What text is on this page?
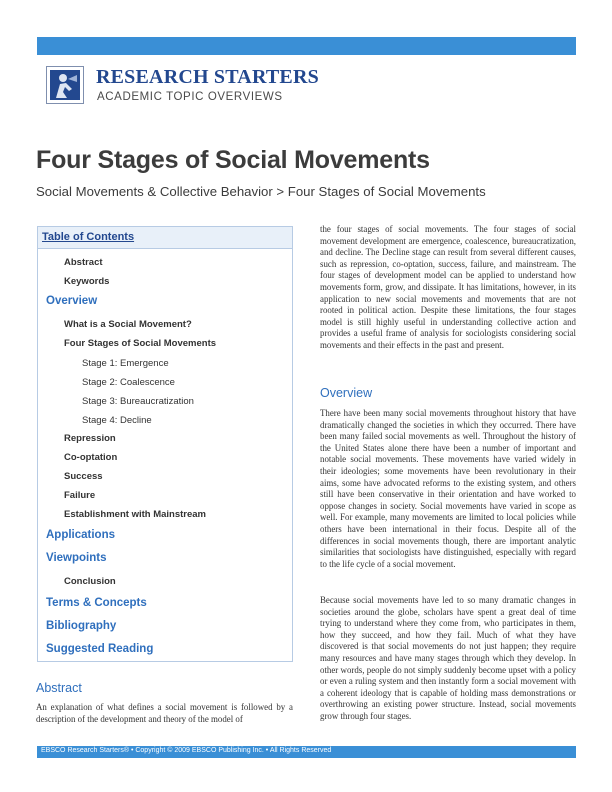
RESEARCH STARTERS
ACADEMIC TOPIC OVERVIEWS
Four Stages of Social Movements
Social Movements & Collective Behavior > Four Stages of Social Movements
Table of Contents
Abstract
Keywords
Overview
What is a Social Movement?
Four Stages of Social Movements
Stage 1: Emergence
Stage 2: Coalescence
Stage 3: Bureaucratization
Stage 4: Decline
Repression
Co-optation
Success
Failure
Establishment with Mainstream
Applications
Viewpoints
Conclusion
Terms & Concepts
Bibliography
Suggested Reading
Abstract

An explanation of what defines a social movement is followed by a description of the development and theory of the model of

the four stages of social movements. The four stages of social movement development are emergence, coalescence, bureaucratization, and decline. The Decline stage can result from several different causes, such as repression, co-optation, success, failure, and mainstream. The four stages of development model can be applied to understand how movements form, grow, and dissipate. It has limitations, however, in its application to new social movements and movements that are not rooted in political action. Despite these limitations, the four stages model is still highly useful in understanding collective action and provides a useful frame of analysis for sociologists considering social movements and their effects in the past and present.

Overview

There have been many social movements throughout history that have dramatically changed the societies in which they occurred. There have been many failed social movements as well. Throughout the history of the United States alone there have been a number of important and notable social movements. These movements have varied widely in their ideologies; some movements have been revolutionary in their aims, some have advocated reforms to the existing system, and others still have been conservative in their orientation and have worked to oppose changes in society. Social movements have varied in scope as well. For example, many movements are limited to local policies while others have been international in their focus. Despite all of the differences in social movements though, there are important analytic similarities that sociologists have distinguished, especially with regard to the life cycle of a social movement.

Because social movements have led to so many dramatic changes in societies around the globe, scholars have spent a great deal of time trying to understand where they come from, who participates in them, how they succeed, and how they fail. Much of what they have discovered is that social movements do not just happen; they require many resources and have many stages through which they develop. In other words, people do not simply suddenly become upset with a policy or even a ruling system and then instantly form a social movement with a coherent ideology that is capable of holding mass demonstrations or overthrowing an existing power structure. Instead, social movements grow through four stages.

EBSCO Research Starters® • Copyright © 2009 EBSCO Publishing Inc. • All Rights Reserved
